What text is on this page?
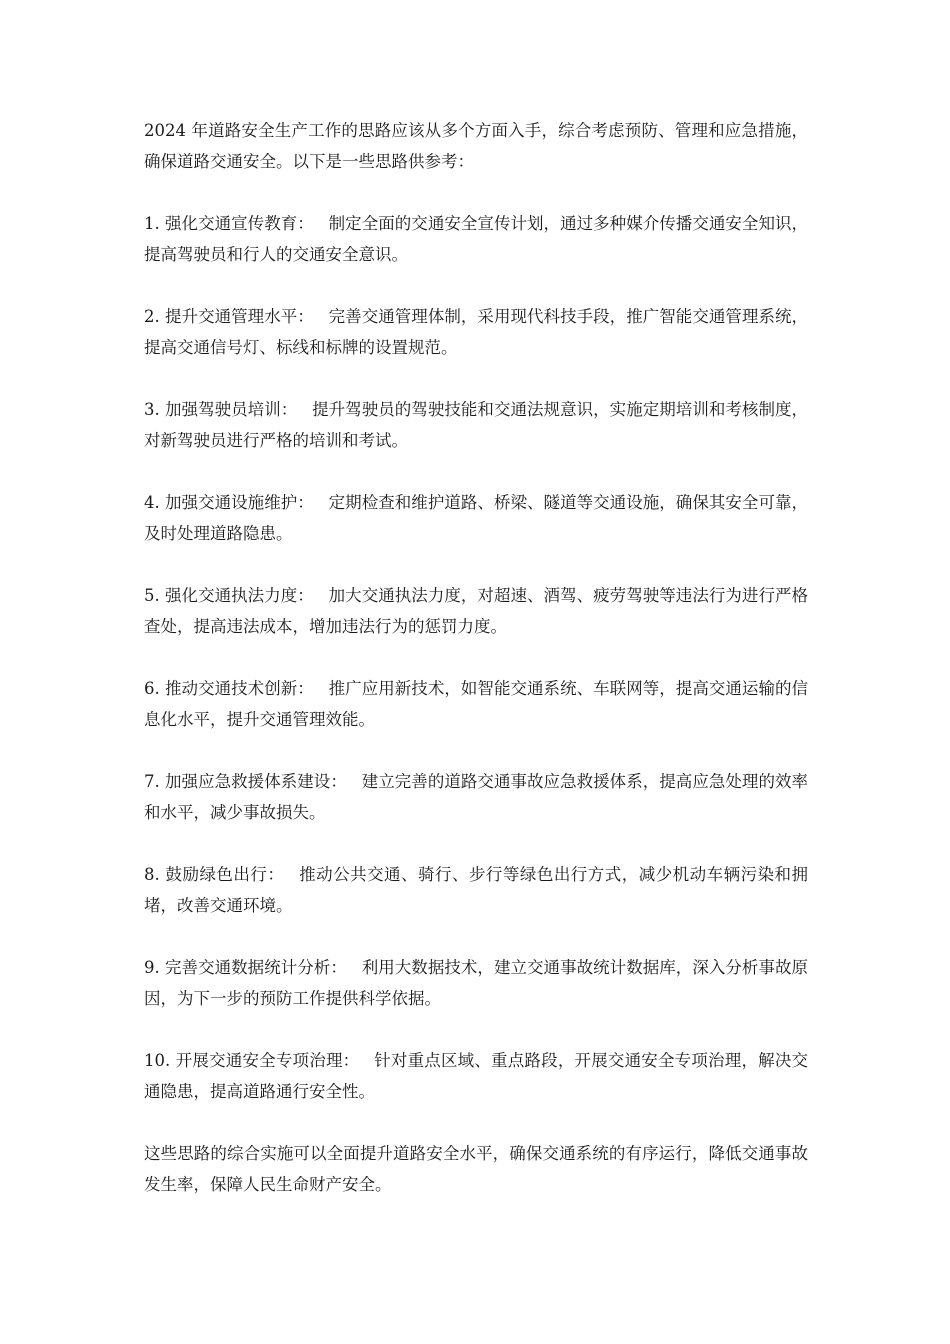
2024 年道路安全生产工作的思路应该从多个方面入手，综合考虑预防、管理和应急措施，确保道路交通安全。以下是一些思路供参考：

1. 强化交通宣传教育： 制定全面的交通安全宣传计划，通过多种媒介传播交通安全知识，提高驾驶员和行人的交通安全意识。

2. 提升交通管理水平： 完善交通管理体制，采用现代科技手段，推广智能交通管理系统，提高交通信号灯、标线和标牌的设置规范。

3. 加强驾驶员培训： 提升驾驶员的驾驶技能和交通法规意识，实施定期培训和考核制度，对新驾驶员进行严格的培训和考试。

4. 加强交通设施维护： 定期检查和维护道路、桥梁、隧道等交通设施，确保其安全可靠，及时处理道路隐患。

5. 强化交通执法力度： 加大交通执法力度，对超速、酒驾、疲劳驾驶等违法行为进行严格查处，提高违法成本，增加违法行为的惩罚力度。

6. 推动交通技术创新： 推广应用新技术，如智能交通系统、车联网等，提高交通运输的信息化水平，提升交通管理效能。

7. 加强应急救援体系建设： 建立完善的道路交通事故应急救援体系，提高应急处理的效率和水平，减少事故损失。

8. 鼓励绿色出行： 推动公共交通、骑行、步行等绿色出行方式，减少机动车辆污染和拥堵，改善交通环境。

9. 完善交通数据统计分析： 利用大数据技术，建立交通事故统计数据库，深入分析事故原因，为下一步的预防工作提供科学依据。

10. 开展交通安全专项治理： 针对重点区域、重点路段，开展交通安全专项治理，解决交通隐患，提高道路通行安全性。

这些思路的综合实施可以全面提升道路安全水平，确保交通系统的有序运行，降低交通事故发生率，保障人民生命财产安全。
